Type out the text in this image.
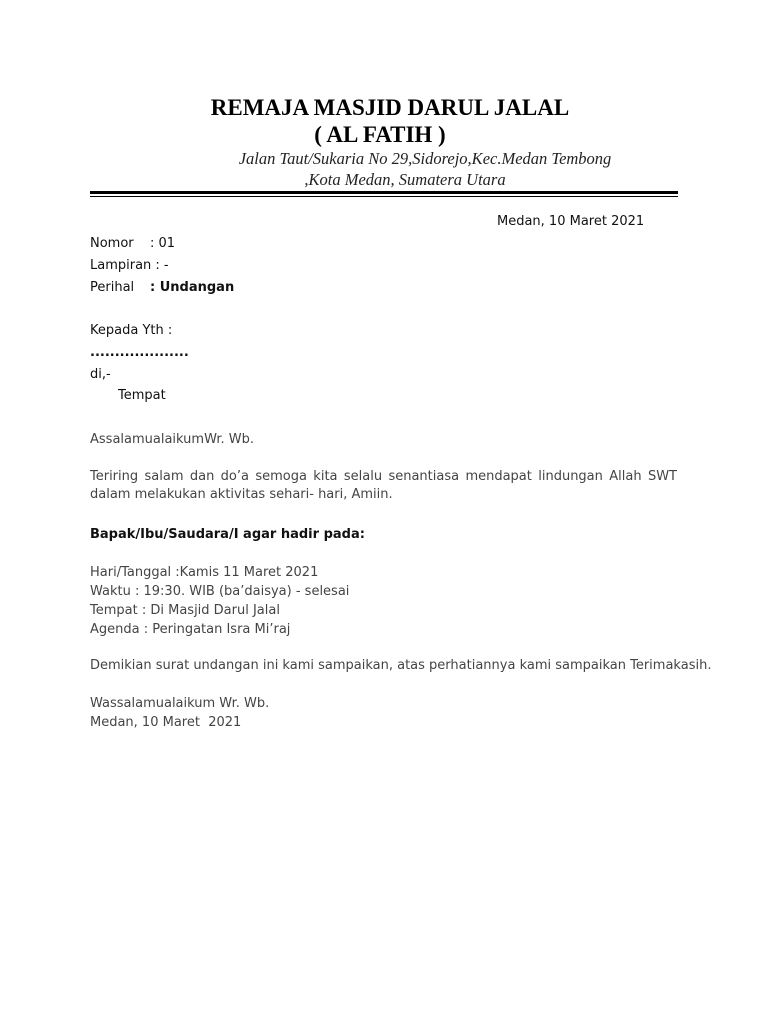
REMAJA MASJID DARUL JALAL
( AL FATIH )
Jalan Taut/Sukaria No 29,Sidorejo,Kec.Medan Tembong
,Kota Medan, Sumatera Utara
Medan, 10 Maret 2021
Nomor : 01
Lampiran : -
Perihal : Undangan
Kepada Yth :
....................
di,-
Tempat
AssalamualaikumWr. Wb.
Teriring salam dan do’a semoga kita selalu senantiasa mendapat lindungan Allah SWT dalam melakukan aktivitas sehari- hari, Amiin.
Bapak/Ibu/Saudara/I agar hadir pada:
Hari/Tanggal :Kamis 11 Maret 2021
Waktu : 19:30. WIB (ba’daisya) - selesai
Tempat : Di Masjid Darul Jalal
Agenda : Peringatan Isra Mi’raj
Demikian surat undangan ini kami sampaikan, atas perhatiannya kami sampaikan Terimakasih.
Wassalamualaikum Wr. Wb.
Medan, 10 Maret  2021
